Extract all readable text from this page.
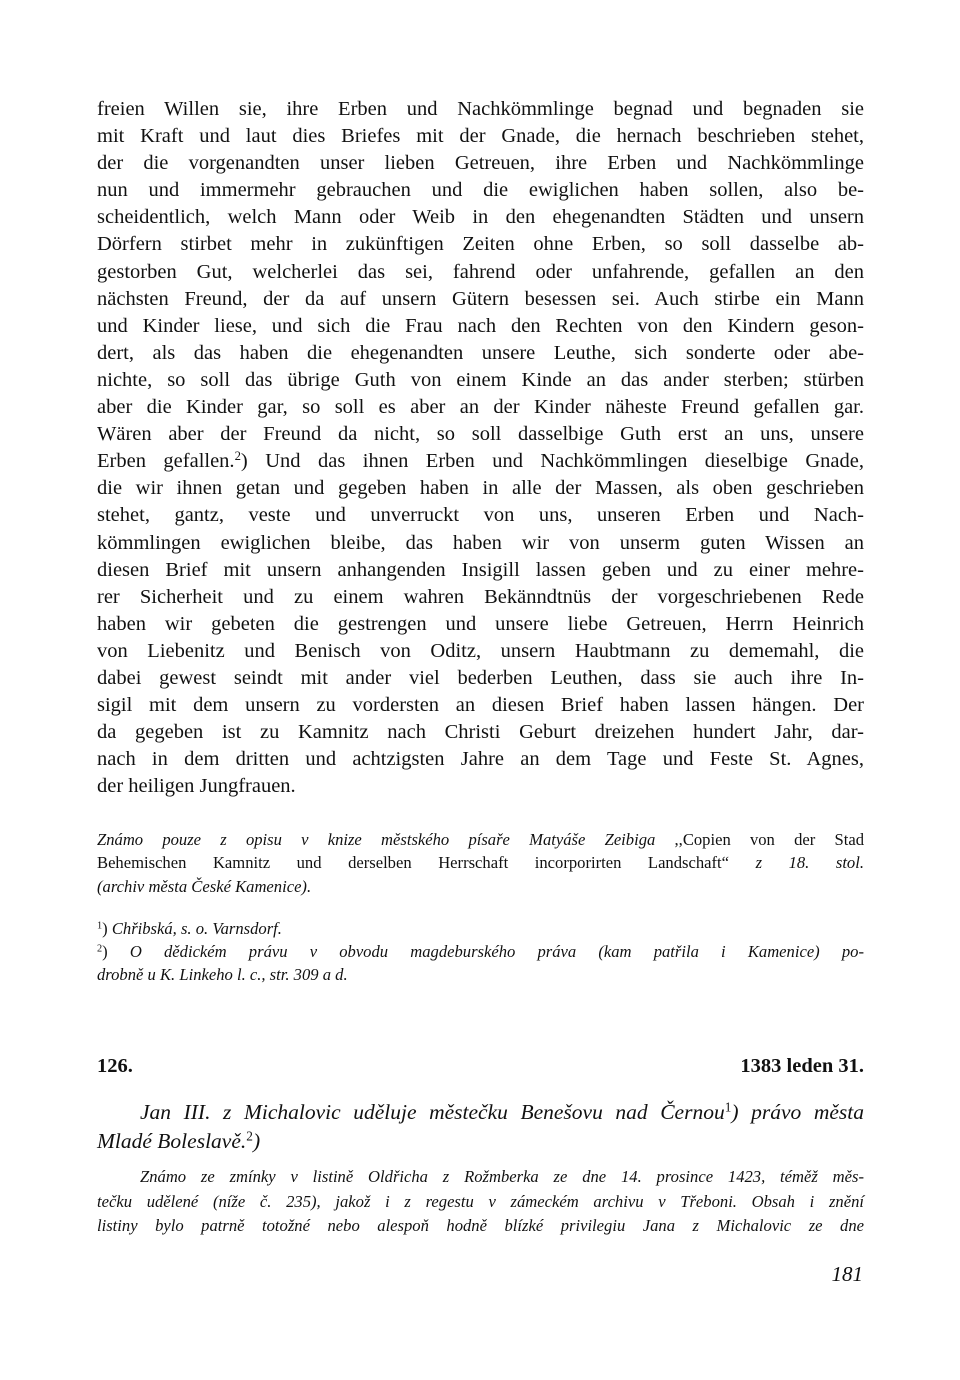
freien Willen sie, ihre Erben und Nachkömmlinge begnad und begnaden sie
mit Kraft und laut dies Briefes mit der Gnade, die hernach beschrieben stehet,
der die vorgenandten unser lieben Getreuen, ihre Erben und Nachkömmlinge
nun und immermehr gebrauchen und die ewiglichen haben sollen, also be-
scheidentlich, welch Mann oder Weib in den ehegenandten Städten und unsern
Dörfern stirbet mehr in zukünftigen Zeiten ohne Erben, so soll dasselbe ab-
gestorben Gut, welcherlei das sei, fahrend oder unfahrende, gefallen an den
nächsten Freund, der da auf unsern Gütern besessen sei. Auch stirbe ein Mann
und Kinder liese, und sich die Frau nach den Rechten von den Kindern geson-
dert, als das haben die ehegenandten unsere Leuthe, sich sonderte oder abe-
nichte, so soll das übrige Guth von einem Kinde an das ander sterben; stürben
aber die Kinder gar, so soll es aber an der Kinder näheste Freund gefallen gar.
Wären aber der Freund da nicht, so soll dasselbige Guth erst an uns, unsere
Erben gefallen.$^2$) Und das ihnen Erben und Nachkömmlingen dieselbige Gnade,
die wir ihnen getan und gegeben haben in alle der Massen, als oben geschrieben
stehet, gantz, veste und unverruckt von uns, unseren Erben und Nach-
kömmlingen ewiglichen bleibe, das haben wir von unserm guten Wissen an
diesen Brief mit unsern anhangenden Insigill lassen geben und zu einer mehre-
rer Sicherheit und zu einem wahren Bekänndtnüs der vorgeschriebenen Rede
haben wir gebeten die gestrengen und unsere liebe Getreuen, Herrn Heinrich
von Liebenitz und Benisch von Oditz, unsern Haubtmann zu dememahl, die
dabei gewest seindt mit ander viel bederben Leuthen, dass sie auch ihre In-
sigil mit dem unsern zu vordersten an diesen Brief haben lassen hängen. Der
da gegeben ist zu Kamnitz nach Christi Geburt dreizehen hundert Jahr, dar-
nach in dem dritten und achtzigsten Jahre an dem Tage und Feste St. Agnes,
der heiligen Jungfrauen.
Známo pouze z opisu v knize městského písaře Matyáše Zeibiga ,,Copien von der Stad
Behemischen Kamnitz und derselben Herrschaft incorporirten Landschaft“ z 18. stol.
(archiv města České Kamenice).
$^1$) Chřibská, s. o. Varnsdorf.
$^2$) O dědickém právu v obvodu magdeburského práva (kam patřila i Kamenice) po-
drobně u K. Linkeho l. c., str. 309 a d.
126.	1383 leden 31.
Jan III. z Michalovic uděluje městečku Benešovu nad Černou$^1$) právo města
Mladé Boleslavě.$^2$)
Známo ze zmínky v listině Oldřicha z Rožmberka ze dne 14. prosince 1423, téměž měs-
tečku udělené (níže č. 235), jakož i z regestu v zámeckém archivu v Třeboni. Obsah i znění
listiny bylo patrně totožné nebo alespoň hodně blízké privilegiu Jana z Michalovic ze dne
181
